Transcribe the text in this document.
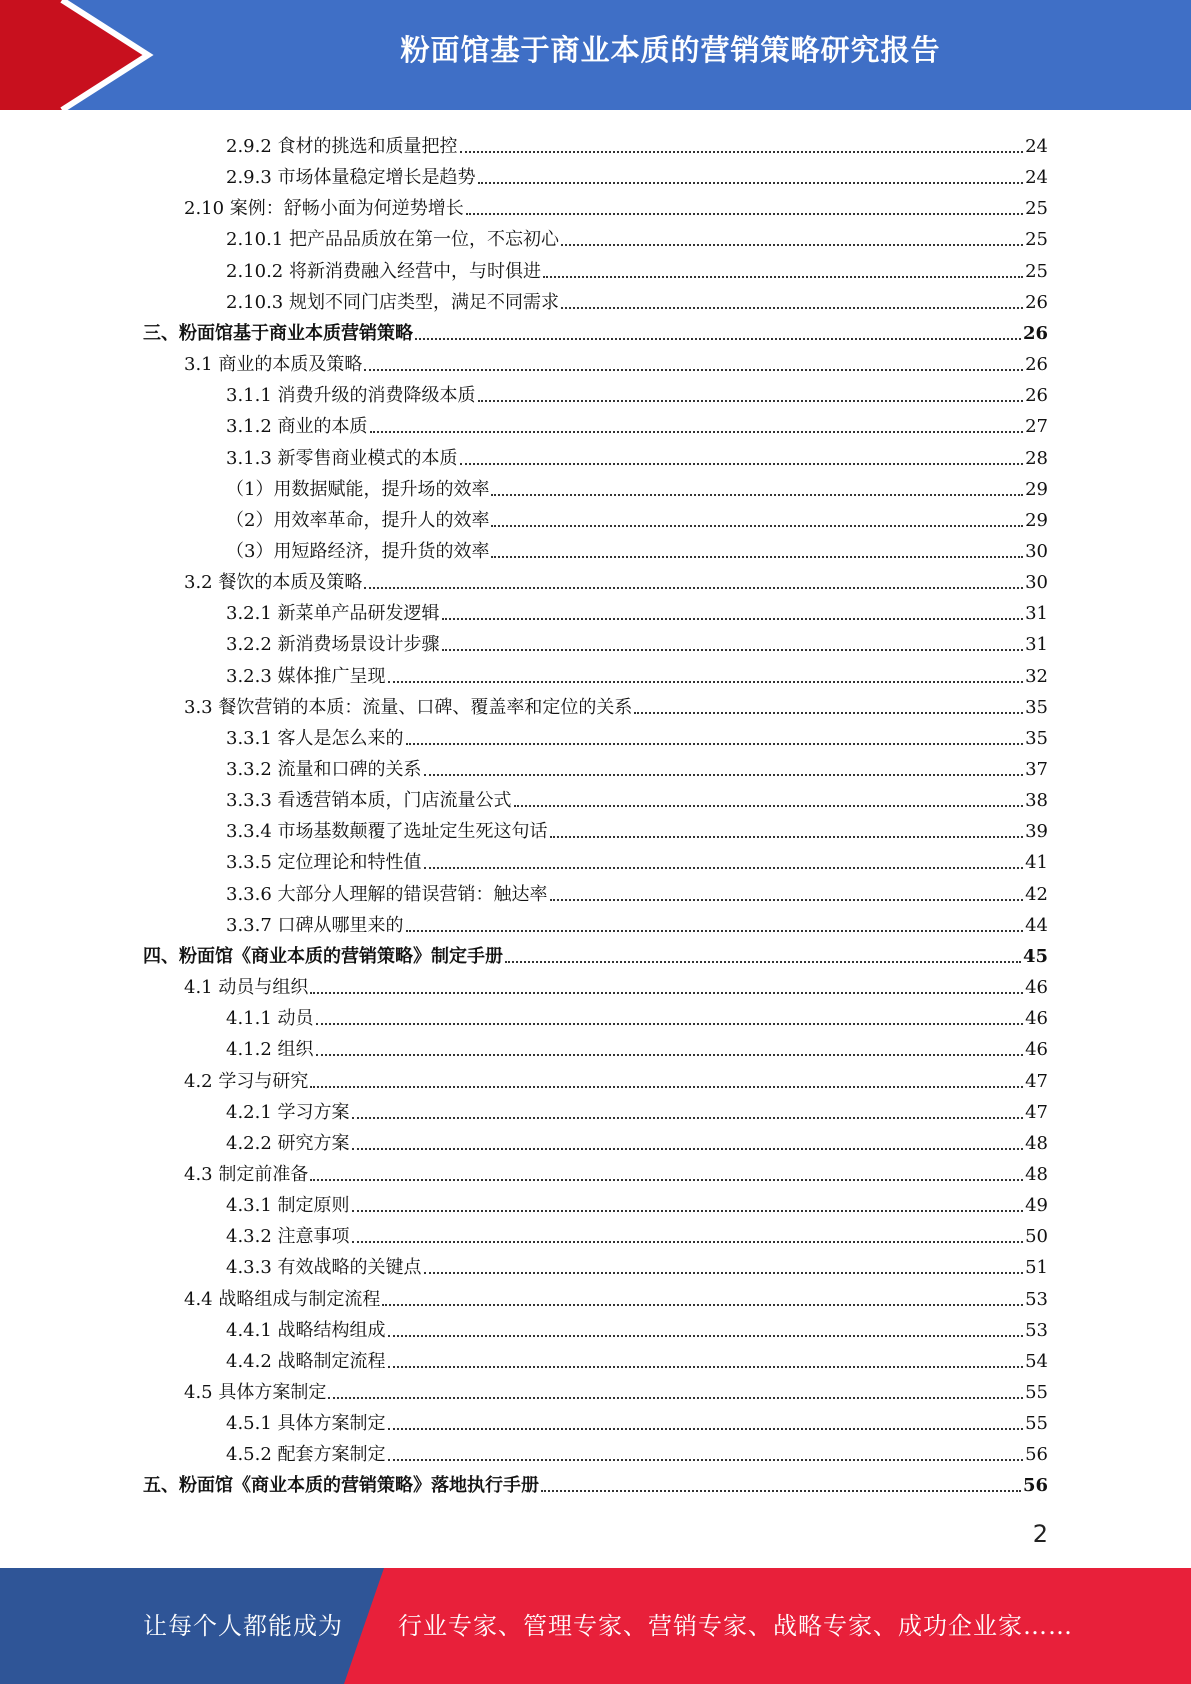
粉面馆基于商业本质的营销策略研究报告
2.9.2 食材的挑选和质量把控	24
2.9.3 市场体量稳定增长是趋势	24
2.10 案例：舒畅小面为何逆势增长	25
2.10.1 把产品品质放在第一位，不忘初心	25
2.10.2 将新消费融入经营中，与时俱进	25
2.10.3 规划不同门店类型，满足不同需求	26
三、粉面馆基于商业本质营销策略	26
3.1 商业的本质及策略	26
3.1.1 消费升级的消费降级本质	26
3.1.2 商业的本质	27
3.1.3 新零售商业模式的本质	28
（1）用数据赋能，提升场的效率	29
（2）用效率革命，提升人的效率	29
（3）用短路经济，提升货的效率	30
3.2 餐饮的本质及策略	30
3.2.1 新菜单产品研发逻辑	31
3.2.2 新消费场景设计步骤	31
3.2.3 媒体推广呈现	32
3.3 餐饮营销的本质：流量、口碑、覆盖率和定位的关系	35
3.3.1 客人是怎么来的	35
3.3.2 流量和口碑的关系	37
3.3.3 看透营销本质，门店流量公式	38
3.3.4 市场基数颠覆了选址定生死这句话	39
3.3.5 定位理论和特性值	41
3.3.6 大部分人理解的错误营销：触达率	42
3.3.7 口碑从哪里来的	44
四、粉面馆《商业本质的营销策略》制定手册	45
4.1 动员与组织	46
4.1.1 动员	46
4.1.2 组织	46
4.2 学习与研究	47
4.2.1 学习方案	47
4.2.2 研究方案	48
4.3 制定前准备	48
4.3.1 制定原则	49
4.3.2 注意事项	50
4.3.3 有效战略的关键点	51
4.4 战略组成与制定流程	53
4.4.1 战略结构组成	53
4.4.2 战略制定流程	54
4.5 具体方案制定	55
4.5.1 具体方案制定	55
4.5.2 配套方案制定	56
五、粉面馆《商业本质的营销策略》落地执行手册	56
2
让每个人都能成为 行业专家、管理专家、营销专家、战略专家、成功企业家……
